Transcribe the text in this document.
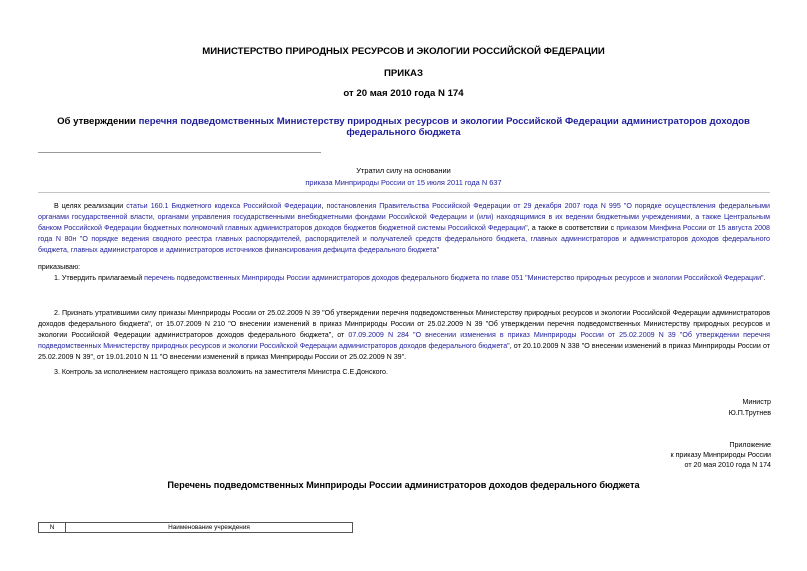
МИНИСТЕРСТВО ПРИРОДНЫХ РЕСУРСОВ И ЭКОЛОГИИ РОССИЙСКОЙ ФЕДЕРАЦИИ
ПРИКАЗ
от 20 мая 2010 года N 174
Об утверждении перечня подведомственных Министерству природных ресурсов и экологии Российской Федерации администраторов доходов федерального бюджета
Утратил силу на основании
приказа Минприроды России от 15 июля 2011 года N 637
В целях реализации статьи 160.1 Бюджетного кодекса Российской Федерации, постановления Правительства Российской Федерации от 29 декабря 2007 года N 995 "О порядке осуществления федеральными органами государственной власти, органами управления государственными внебюджетными фондами Российской Федерации и (или) находящимися в их ведении бюджетными учреждениями, а также Центральным банком Российской Федерации бюджетных полномочий главных администраторов доходов бюджетов бюджетной системы Российской Федерации", а также в соответствии с приказом Минфина России от 15 августа 2008 года N 80н "О порядке ведения сводного реестра главных распорядителей, распорядителей и получателей средств федерального бюджета, главных администраторов и администраторов доходов федерального бюджета, главных администраторов и администраторов источников финансирования дефицита федерального бюджета"
приказываю:
1. Утвердить прилагаемый перечень подведомственных Минприроды России администраторов доходов федерального бюджета по главе 051 "Министерство природных ресурсов и экологии Российской Федерации".
2. Признать утратившими силу приказы Минприроды России от 25.02.2009 N 39 "Об утверждении перечня подведомственных Министерству природных ресурсов и экологии Российской Федерации администраторов доходов федерального бюджета", от 15.07.2009 N 210 "О внесении изменений в приказ Минприроды России от 25.02.2009 N 39 "Об утверждении перечня подведомственных Министерству природных ресурсов и экологии Российской Федерации администраторов доходов федерального бюджета", от 07.09.2009 N 284 "О внесении изменения в приказ Минприроды России от 25.02.2009 N 39 "Об утверждении перечня подведомственных Министерству природных ресурсов и экологии Российской Федерации администраторов доходов федерального бюджета", от 20.10.2009 N 338 "О внесении изменений в приказ Минприроды России от 25.02.2009 N 39", от 19.01.2010 N 11 "О внесении изменений в приказ Минприроды России от 25.02.2009 N 39".
3. Контроль за исполнением настоящего приказа возложить на заместителя Министра С.Е.Донского.
Министр
Ю.П.Трутнев
Приложение
к приказу Минприроды России
от 20 мая 2010 года N 174
Перечень подведомственных Минприроды России администраторов доходов федерального бюджета
N	Наименование учреждения
